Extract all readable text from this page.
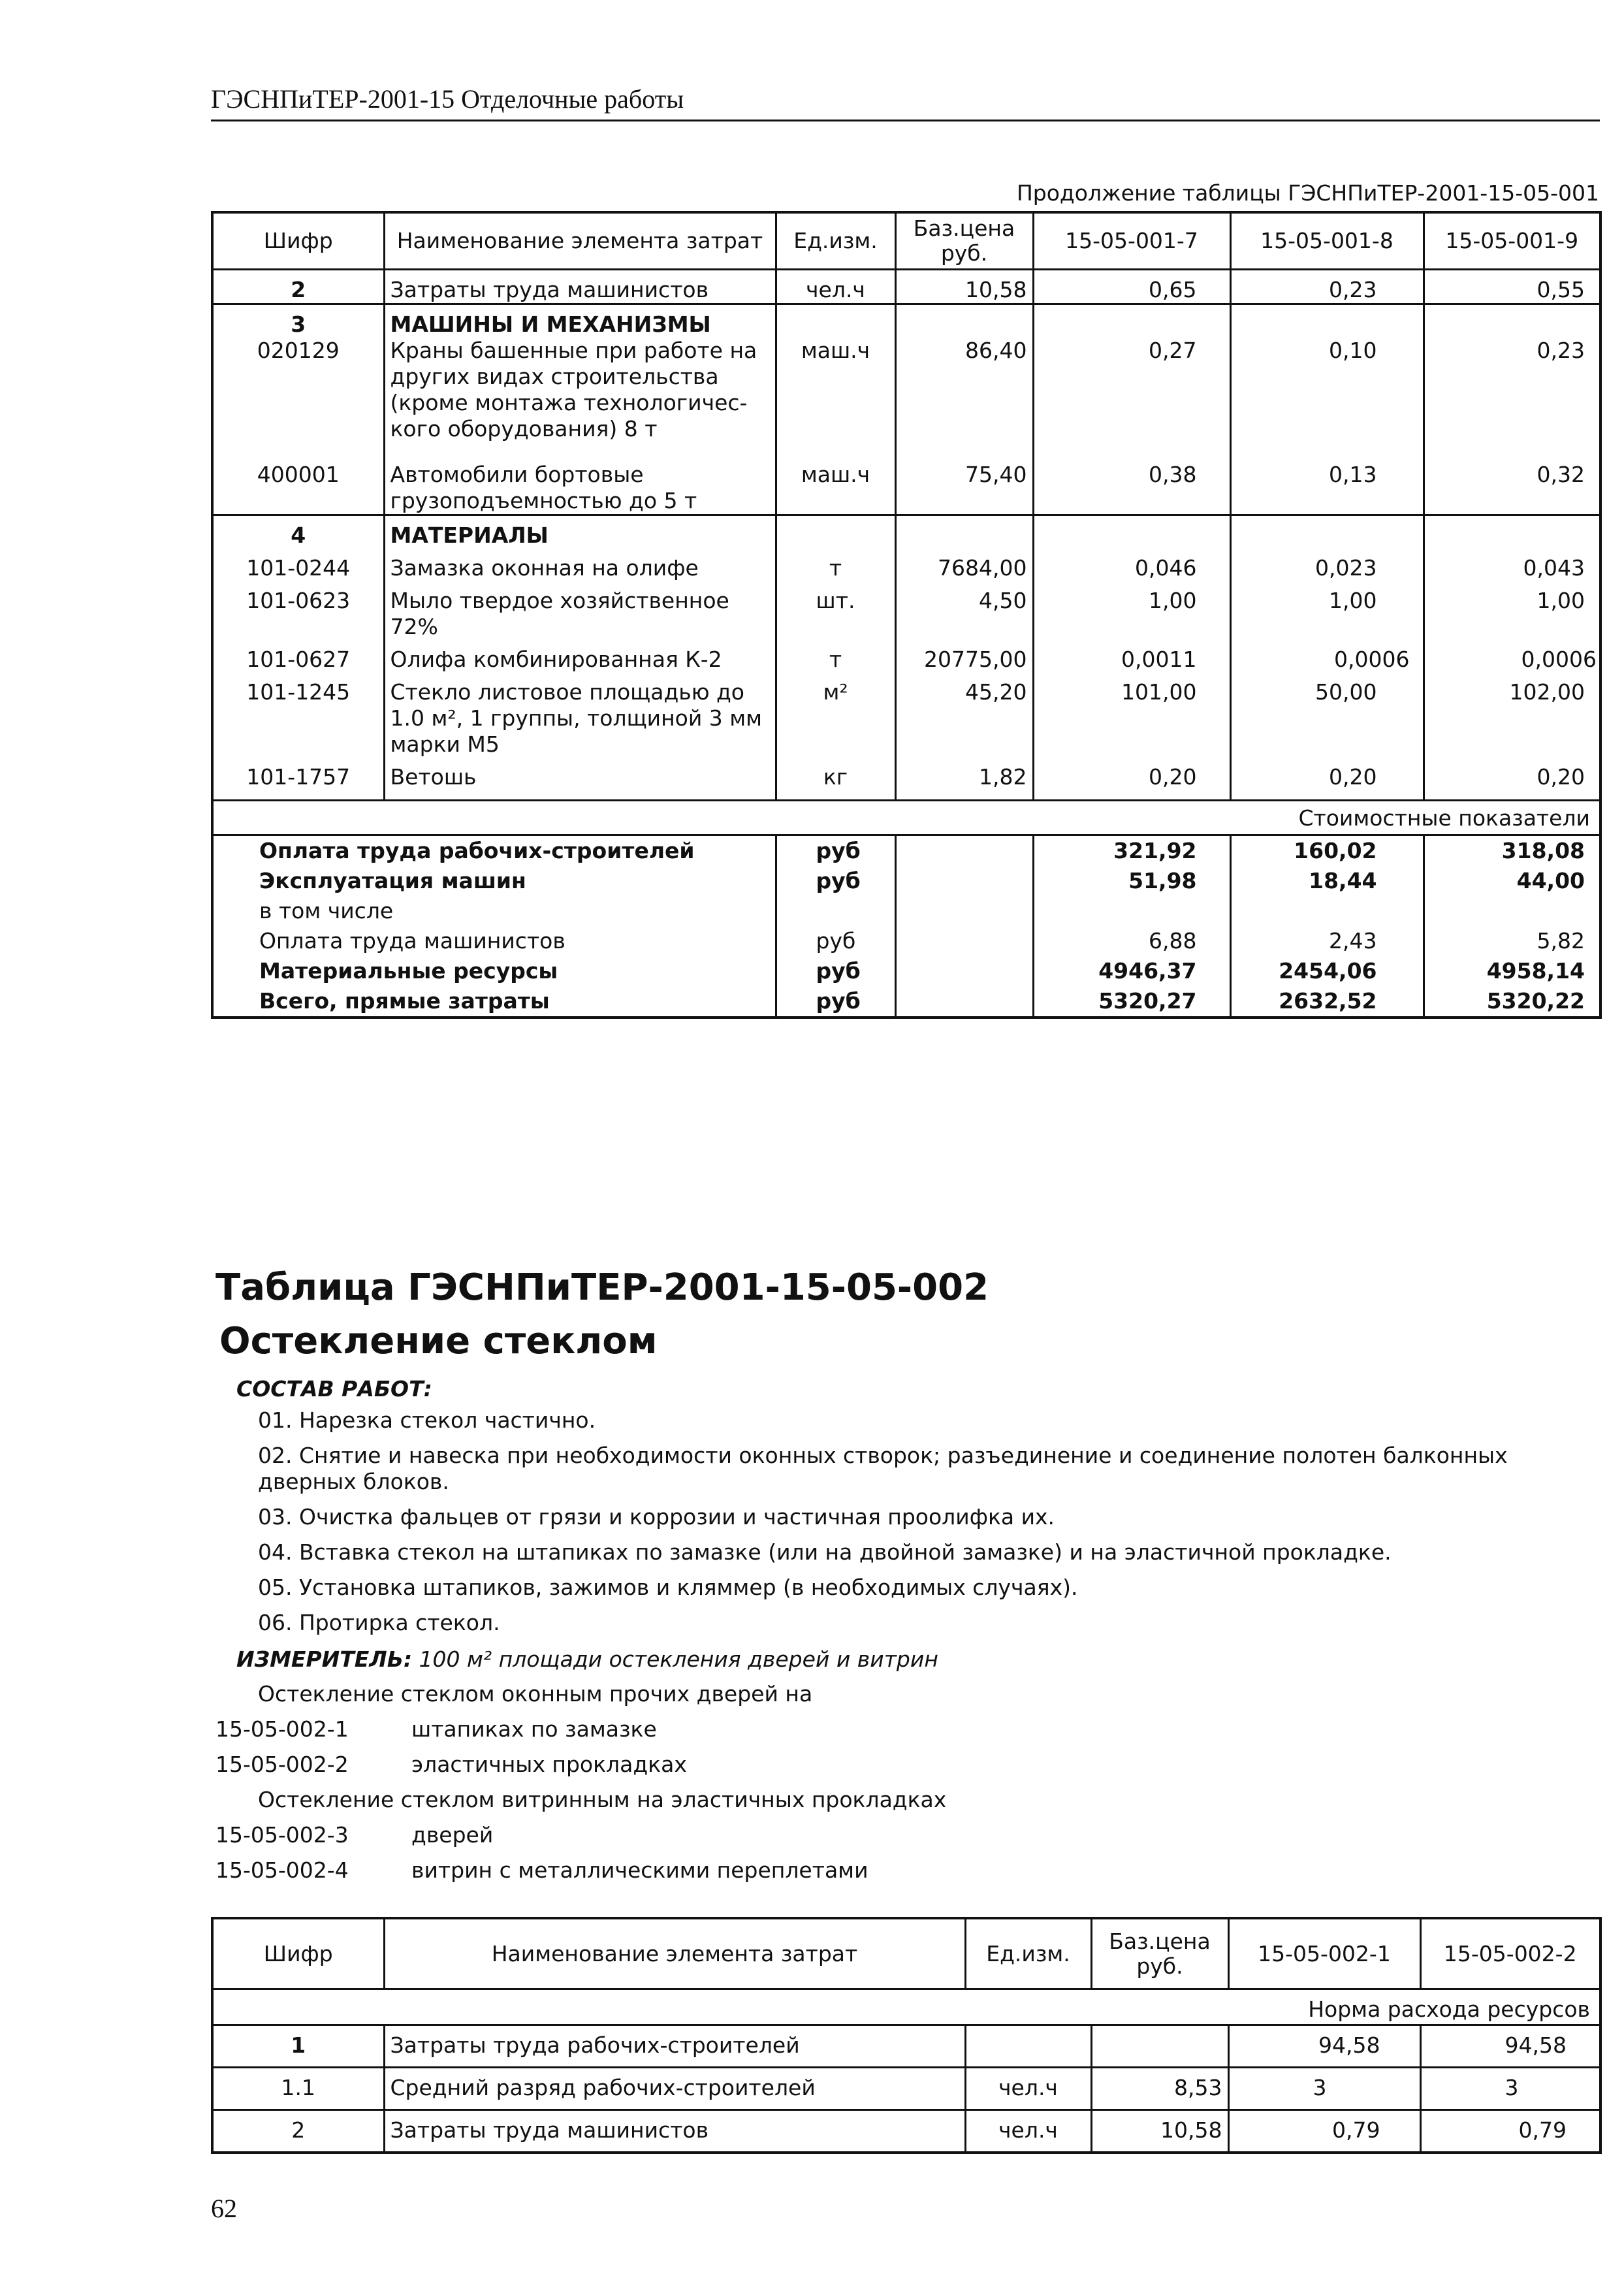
ГЭСНПиТЕР-2001-15 Отделочные работы
Продолжение таблицы ГЭСНПиТЕР-2001-15-05-001
Шифр	Наименование элемента затрат	Ед.изм.	Баз.цена руб.	15-05-001-7	15-05-001-8	15-05-001-9
2	Затраты труда машинистов	чел.ч	10,58	0,65	0,23	0,55
3	МАШИНЫ И МЕХАНИЗМЫ					
020129	Краны башенные при работе на других видах строительства (кроме монтажа технологичес-кого оборудования) 8 т	маш.ч	86,40	0,27	0,10	0,23
400001	Автомобили бортовые грузоподъемностью до 5 т	маш.ч	75,40	0,38	0,13	0,32
4	МАТЕРИАЛЫ					
101-0244	Замазка оконная на олифе	т	7684,00	0,046	0,023	0,043
101-0623	Мыло твердое хозяйственное 72%	шт.	4,50	1,00	1,00	1,00
101-0627	Олифа комбинированная К-2	т	20775,00	0,0011	0,0006	0,0006
101-1245	Стекло листовое площадью до 1.0 м², 1 группы, толщиной 3 мм марки М5	м²	45,20	101,00	50,00	102,00
101-1757	Ветошь	кг	1,82	0,20	0,20	0,20
Стоимостные показатели						
Оплата труда рабочих-строителей		руб		321,92	160,02	318,08
Эксплуатация машин		руб		51,98	18,44	44,00
в том числе						
Оплата труда машинистов		руб		6,88	2,43	5,82
Материальные ресурсы		руб		4946,37	2454,06	4958,14
Всего, прямые затраты		руб		5320,27	2632,52	5320,22
Таблица ГЭСНПиТЕР-2001-15-05-002
Остекление стеклом
СОСТАВ РАБОТ:
01. Нарезка стекол частично.
02. Снятие и навеска при необходимости оконных створок; разъединение и соединение полотен балконных дверных блоков.
03. Очистка фальцев от грязи и коррозии и частичная проолифка их.
04. Вставка стекол на штапиках по замазке (или на двойной замазке) и на эластичной прокладке.
05. Установка штапиков, зажимов и кляммер (в необходимых случаях).
06. Протирка стекол.
ИЗМЕРИТЕЛЬ: 100 м² площади остекления дверей и витрин
Остекление стеклом оконным прочих дверей на
15-05-002-1	штапиках по замазке
15-05-002-2	эластичных прокладках
Остекление стеклом витринным на эластичных прокладках
15-05-002-3	дверей
15-05-002-4	витрин с металлическими переплетами
Шифр	Наименование элемента затрат	Ед.изм.	Баз.цена руб.	15-05-002-1	15-05-002-2
Норма расхода ресурсов					
1	Затраты труда рабочих-строителей			94,58	94,58
1.1	Средний разряд рабочих-строителей	чел.ч	8,53	3	3
2	Затраты труда машинистов	чел.ч	10,58	0,79	0,79
62
